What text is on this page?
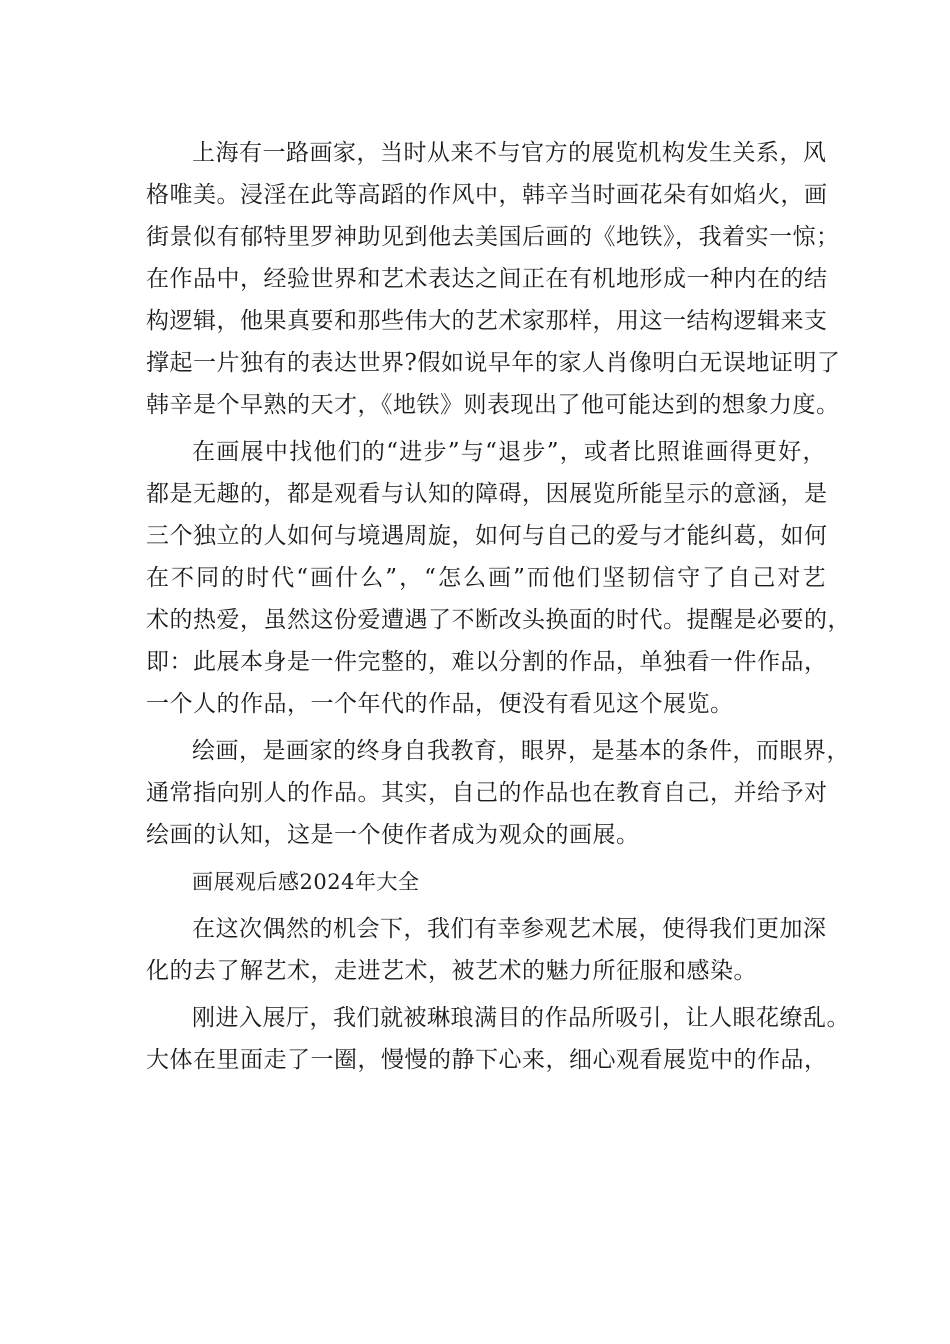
上海有一路画家，当时从来不与官方的展览机构发生关系，风
格唯美。浸淫在此等高蹈的作风中，韩辛当时画花朵有如焰火，画
街景似有郁特里罗神助见到他去美国后画的《地铁》，我着实一惊；
在作品中，经验世界和艺术表达之间正在有机地形成一种内在的结
构逻辑，他果真要和那些伟大的艺术家那样，用这一结构逻辑来支
撑起一片独有的表达世界?假如说早年的家人肖像明白无误地证明了
韩辛是个早熟的天才，《地铁》则表现出了他可能达到的想象力度。
在画展中找他们的“进步”与“退步”，或者比照谁画得更好，
都是无趣的，都是观看与认知的障碍，因展览所能呈示的意涵，是
三个独立的人如何与境遇周旋，如何与自己的爱与才能纠葛，如何
在不同的时代“画什么”，“怎么画”而他们坚韧信守了自己对艺
术的热爱，虽然这份爱遭遇了不断改头换面的时代。提醒是必要的，
即：此展本身是一件完整的，难以分割的作品，单独看一件作品，
一个人的作品，一个年代的作品，便没有看见这个展览。
绘画，是画家的终身自我教育，眼界，是基本的条件，而眼界，
通常指向别人的作品。其实，自己的作品也在教育自己，并给予对
绘画的认知，这是一个使作者成为观众的画展。
画展观后感2024年大全
在这次偶然的机会下，我们有幸参观艺术展，使得我们更加深
化的去了解艺术，走进艺术，被艺术的魅力所征服和感染。
刚进入展厅，我们就被琳琅满目的作品所吸引，让人眼花缭乱。
大体在里面走了一圈，慢慢的静下心来，细心观看展览中的作品，
